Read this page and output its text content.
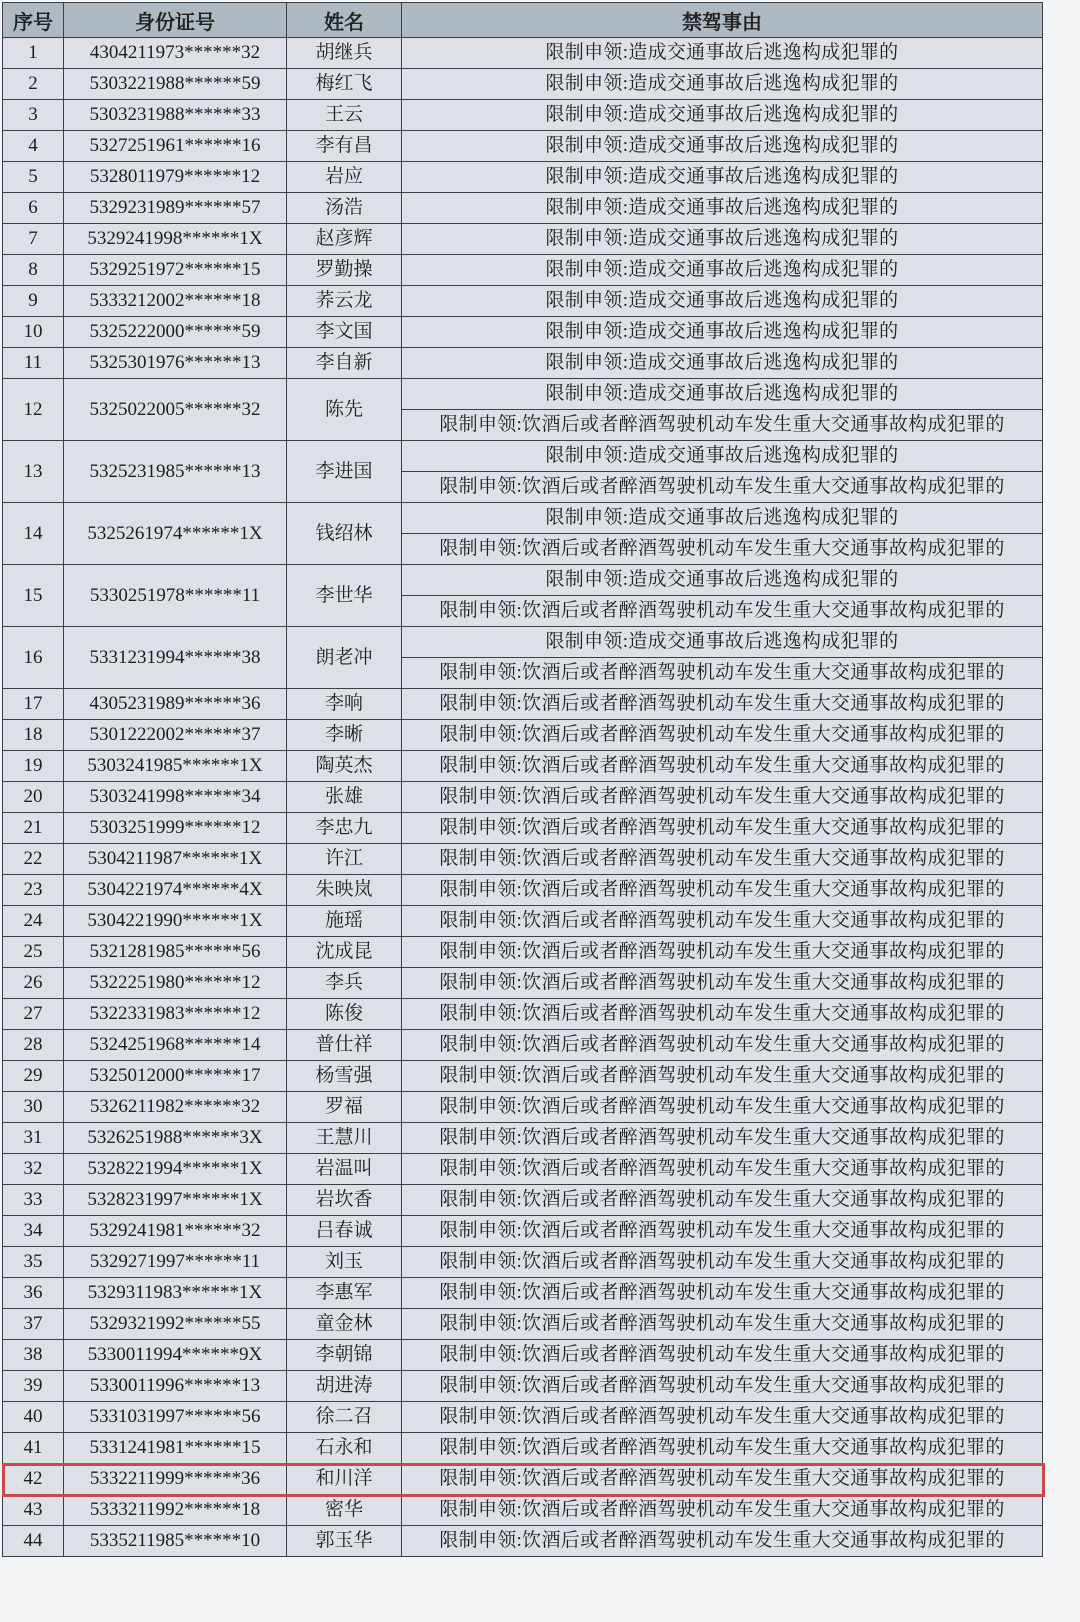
序号	身份证号	姓名	禁驾事由
1	4304211973******32	胡继兵	限制申领:造成交通事故后逃逸构成犯罪的
2	5303221988******59	梅红飞	限制申领:造成交通事故后逃逸构成犯罪的
3	5303231988******33	王云	限制申领:造成交通事故后逃逸构成犯罪的
4	5327251961******16	李有昌	限制申领:造成交通事故后逃逸构成犯罪的
5	5328011979******12	岩应	限制申领:造成交通事故后逃逸构成犯罪的
6	5329231989******57	汤浩	限制申领:造成交通事故后逃逸构成犯罪的
7	5329241998******1X	赵彦辉	限制申领:造成交通事故后逃逸构成犯罪的
8	5329251972******15	罗勤操	限制申领:造成交通事故后逃逸构成犯罪的
9	5333212002******18	荞云龙	限制申领:造成交通事故后逃逸构成犯罪的
10	5325222000******59	李文国	限制申领:造成交通事故后逃逸构成犯罪的
11	5325301976******13	李自新	限制申领:造成交通事故后逃逸构成犯罪的
12	5325022005******32	陈先	限制申领:造成交通事故后逃逸构成犯罪的
			限制申领:饮酒后或者醉酒驾驶机动车发生重大交通事故构成犯罪的
13	5325231985******13	李进国	限制申领:造成交通事故后逃逸构成犯罪的
			限制申领:饮酒后或者醉酒驾驶机动车发生重大交通事故构成犯罪的
14	5325261974******1X	钱绍林	限制申领:造成交通事故后逃逸构成犯罪的
			限制申领:饮酒后或者醉酒驾驶机动车发生重大交通事故构成犯罪的
15	5330251978******11	李世华	限制申领:造成交通事故后逃逸构成犯罪的
			限制申领:饮酒后或者醉酒驾驶机动车发生重大交通事故构成犯罪的
16	5331231994******38	朗老冲	限制申领:造成交通事故后逃逸构成犯罪的
			限制申领:饮酒后或者醉酒驾驶机动车发生重大交通事故构成犯罪的
17	4305231989******36	李响	限制申领:饮酒后或者醉酒驾驶机动车发生重大交通事故构成犯罪的
18	5301222002******37	李晰	限制申领:饮酒后或者醉酒驾驶机动车发生重大交通事故构成犯罪的
19	5303241985******1X	陶英杰	限制申领:饮酒后或者醉酒驾驶机动车发生重大交通事故构成犯罪的
20	5303241998******34	张雄	限制申领:饮酒后或者醉酒驾驶机动车发生重大交通事故构成犯罪的
21	5303251999******12	李忠九	限制申领:饮酒后或者醉酒驾驶机动车发生重大交通事故构成犯罪的
22	5304211987******1X	许江	限制申领:饮酒后或者醉酒驾驶机动车发生重大交通事故构成犯罪的
23	5304221974******4X	朱映岚	限制申领:饮酒后或者醉酒驾驶机动车发生重大交通事故构成犯罪的
24	5304221990******1X	施瑶	限制申领:饮酒后或者醉酒驾驶机动车发生重大交通事故构成犯罪的
25	5321281985******56	沈成昆	限制申领:饮酒后或者醉酒驾驶机动车发生重大交通事故构成犯罪的
26	5322251980******12	李兵	限制申领:饮酒后或者醉酒驾驶机动车发生重大交通事故构成犯罪的
27	5322331983******12	陈俊	限制申领:饮酒后或者醉酒驾驶机动车发生重大交通事故构成犯罪的
28	5324251968******14	普仕祥	限制申领:饮酒后或者醉酒驾驶机动车发生重大交通事故构成犯罪的
29	5325012000******17	杨雪强	限制申领:饮酒后或者醉酒驾驶机动车发生重大交通事故构成犯罪的
30	5326211982******32	罗福	限制申领:饮酒后或者醉酒驾驶机动车发生重大交通事故构成犯罪的
31	5326251988******3X	王慧川	限制申领:饮酒后或者醉酒驾驶机动车发生重大交通事故构成犯罪的
32	5328221994******1X	岩温叫	限制申领:饮酒后或者醉酒驾驶机动车发生重大交通事故构成犯罪的
33	5328231997******1X	岩坎香	限制申领:饮酒后或者醉酒驾驶机动车发生重大交通事故构成犯罪的
34	5329241981******32	吕春诚	限制申领:饮酒后或者醉酒驾驶机动车发生重大交通事故构成犯罪的
35	5329271997******11	刘玉	限制申领:饮酒后或者醉酒驾驶机动车发生重大交通事故构成犯罪的
36	5329311983******1X	李惠军	限制申领:饮酒后或者醉酒驾驶机动车发生重大交通事故构成犯罪的
37	5329321992******55	童金林	限制申领:饮酒后或者醉酒驾驶机动车发生重大交通事故构成犯罪的
38	5330011994******9X	李朝锦	限制申领:饮酒后或者醉酒驾驶机动车发生重大交通事故构成犯罪的
39	5330011996******13	胡进涛	限制申领:饮酒后或者醉酒驾驶机动车发生重大交通事故构成犯罪的
40	5331031997******56	徐二召	限制申领:饮酒后或者醉酒驾驶机动车发生重大交通事故构成犯罪的
41	5331241981******15	石永和	限制申领:饮酒后或者醉酒驾驶机动车发生重大交通事故构成犯罪的
42	5332211999******36	和川洋	限制申领:饮酒后或者醉酒驾驶机动车发生重大交通事故构成犯罪的
43	5333211992******18	密华	限制申领:饮酒后或者醉酒驾驶机动车发生重大交通事故构成犯罪的
44	5335211985******10	郭玉华	限制申领:饮酒后或者醉酒驾驶机动车发生重大交通事故构成犯罪的
